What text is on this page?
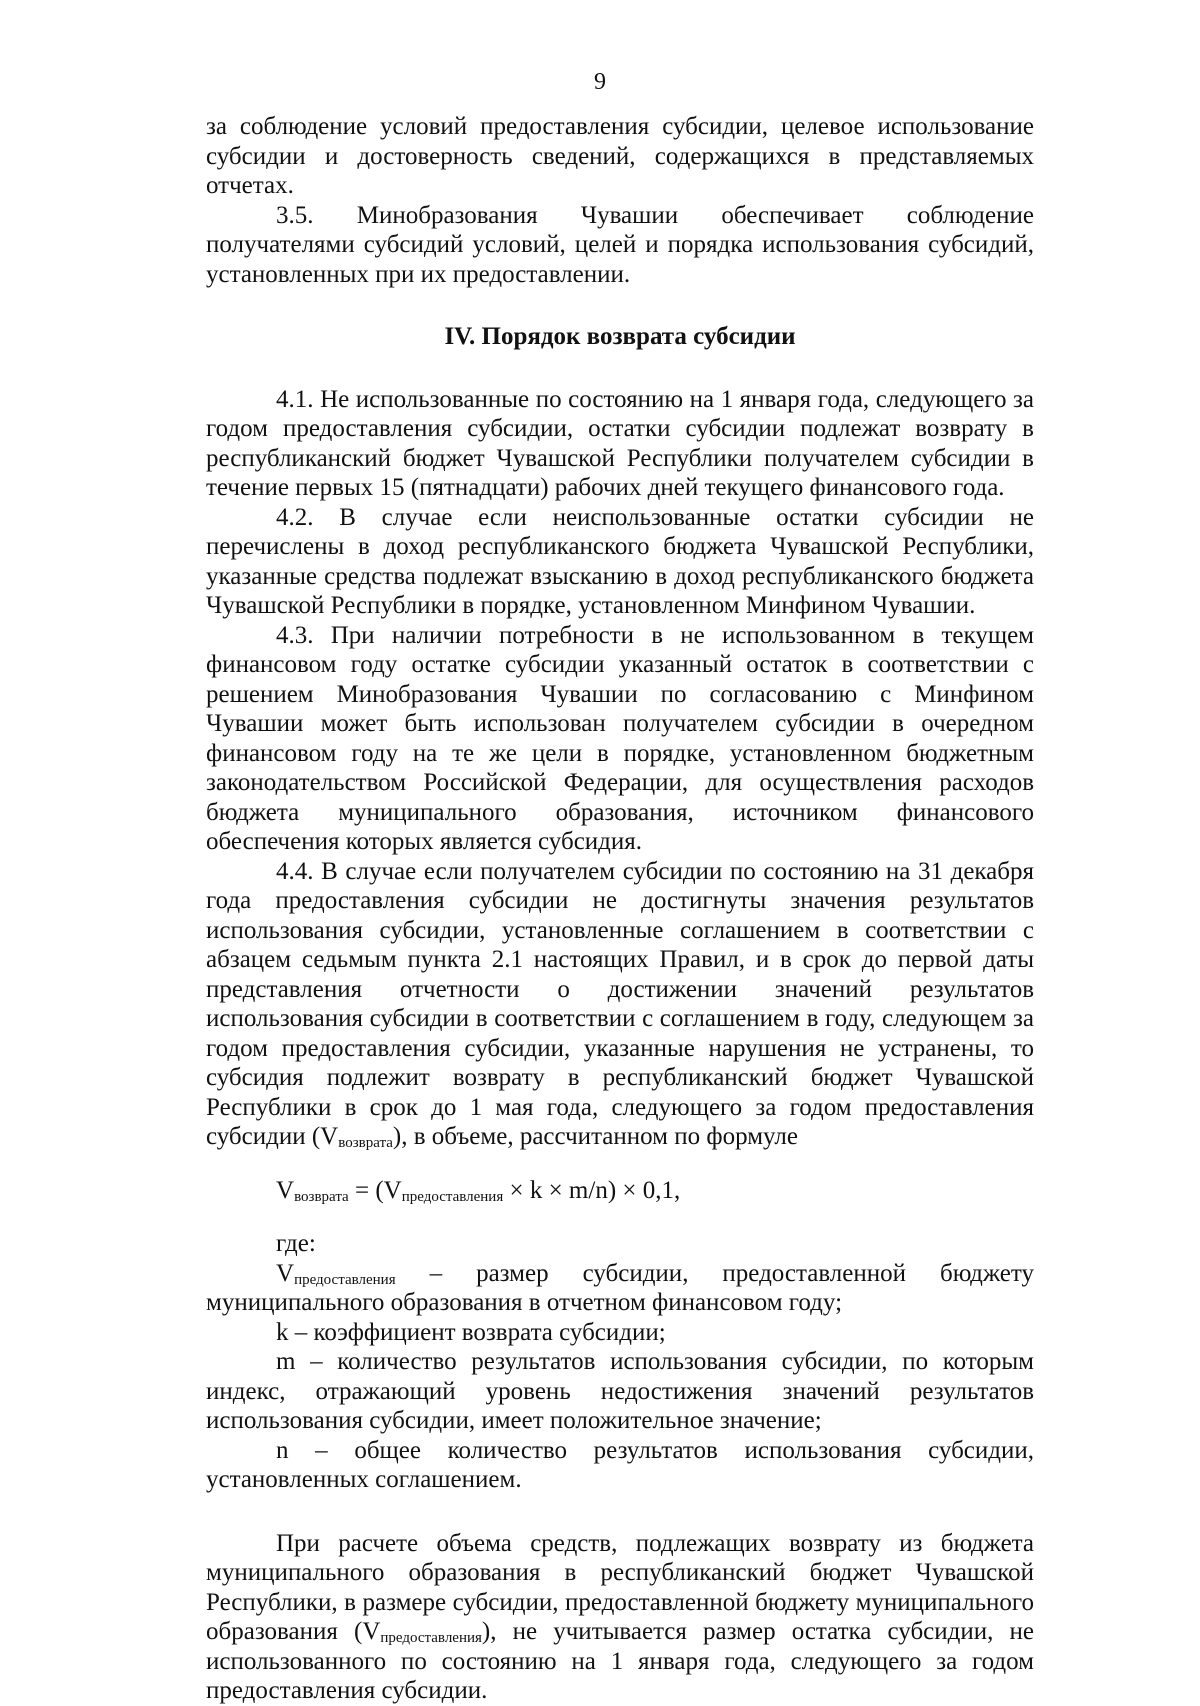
9

за соблюдение условий предоставления субсидии, целевое использование субсидии и достоверность сведений, содержащихся в представляемых отчетах.

3.5. Минобразования Чувашии обеспечивает соблюдение получателями субсидий условий, целей и порядка использования субсидий, установленных при их предоставлении.

IV. Порядок возврата субсидии

4.1. Не использованные по состоянию на 1 января года, следующего за годом предоставления субсидии, остатки субсидии подлежат возврату в республиканский бюджет Чувашской Республики получателем субсидии в течение первых 15 (пятнадцати) рабочих дней текущего финансового года.

4.2. В случае если неиспользованные остатки субсидии не перечислены в доход республиканского бюджета Чувашской Республики, указанные средства подлежат взысканию в доход республиканского бюджета Чувашской Республики в порядке, установленном Минфином Чувашии.

4.3. При наличии потребности в не использованном в текущем финансовом году остатке субсидии указанный остаток в соответствии с решением Минобразования Чувашии по согласованию с Минфином Чувашии может быть использован получателем субсидии в очередном финансовом году на те же цели в порядке, установленном бюджетным законодательством Российской Федерации, для осуществления расходов бюджета муниципального образования, источником финансового обеспечения которых является субсидия.

4.4. В случае если получателем субсидии по состоянию на 31 декабря года предоставления субсидии не достигнуты значения результатов использования субсидии, установленные соглашением в соответствии с абзацем седьмым пункта 2.1 настоящих Правил, и в срок до первой даты представления отчетности о достижении значений результатов использования субсидии в соответствии с соглашением в году, следующем за годом предоставления субсидии, указанные нарушения не устранены, то субсидия подлежит возврату в республиканский бюджет Чувашской Республики в срок до 1 мая года, следующего за годом предоставления субсидии $(V_{возврата})$, в объеме, рассчитанном по формуле

$V_{возврата} = (V_{предоставления} \times k \times m/n) \times 0,1$,

где:

$V_{предоставления}$ – размер субсидии, предоставленной бюджету муниципального образования в отчетном финансовом году;

k – коэффициент возврата субсидии;

m – количество результатов использования субсидии, по которым индекс, отражающий уровень недостижения значений результатов использования субсидии, имеет положительное значение;

n – общее количество результатов использования субсидии, установленных соглашением.

При расчете объема средств, подлежащих возврату из бюджета муниципального образования в республиканский бюджет Чувашской Республики, в размере субсидии, предоставленной бюджету муниципального образования $(V_{предоставления})$, не учитывается размер остатка субсидии, не использованного по состоянию на 1 января года, следующего за годом предоставления субсидии.
